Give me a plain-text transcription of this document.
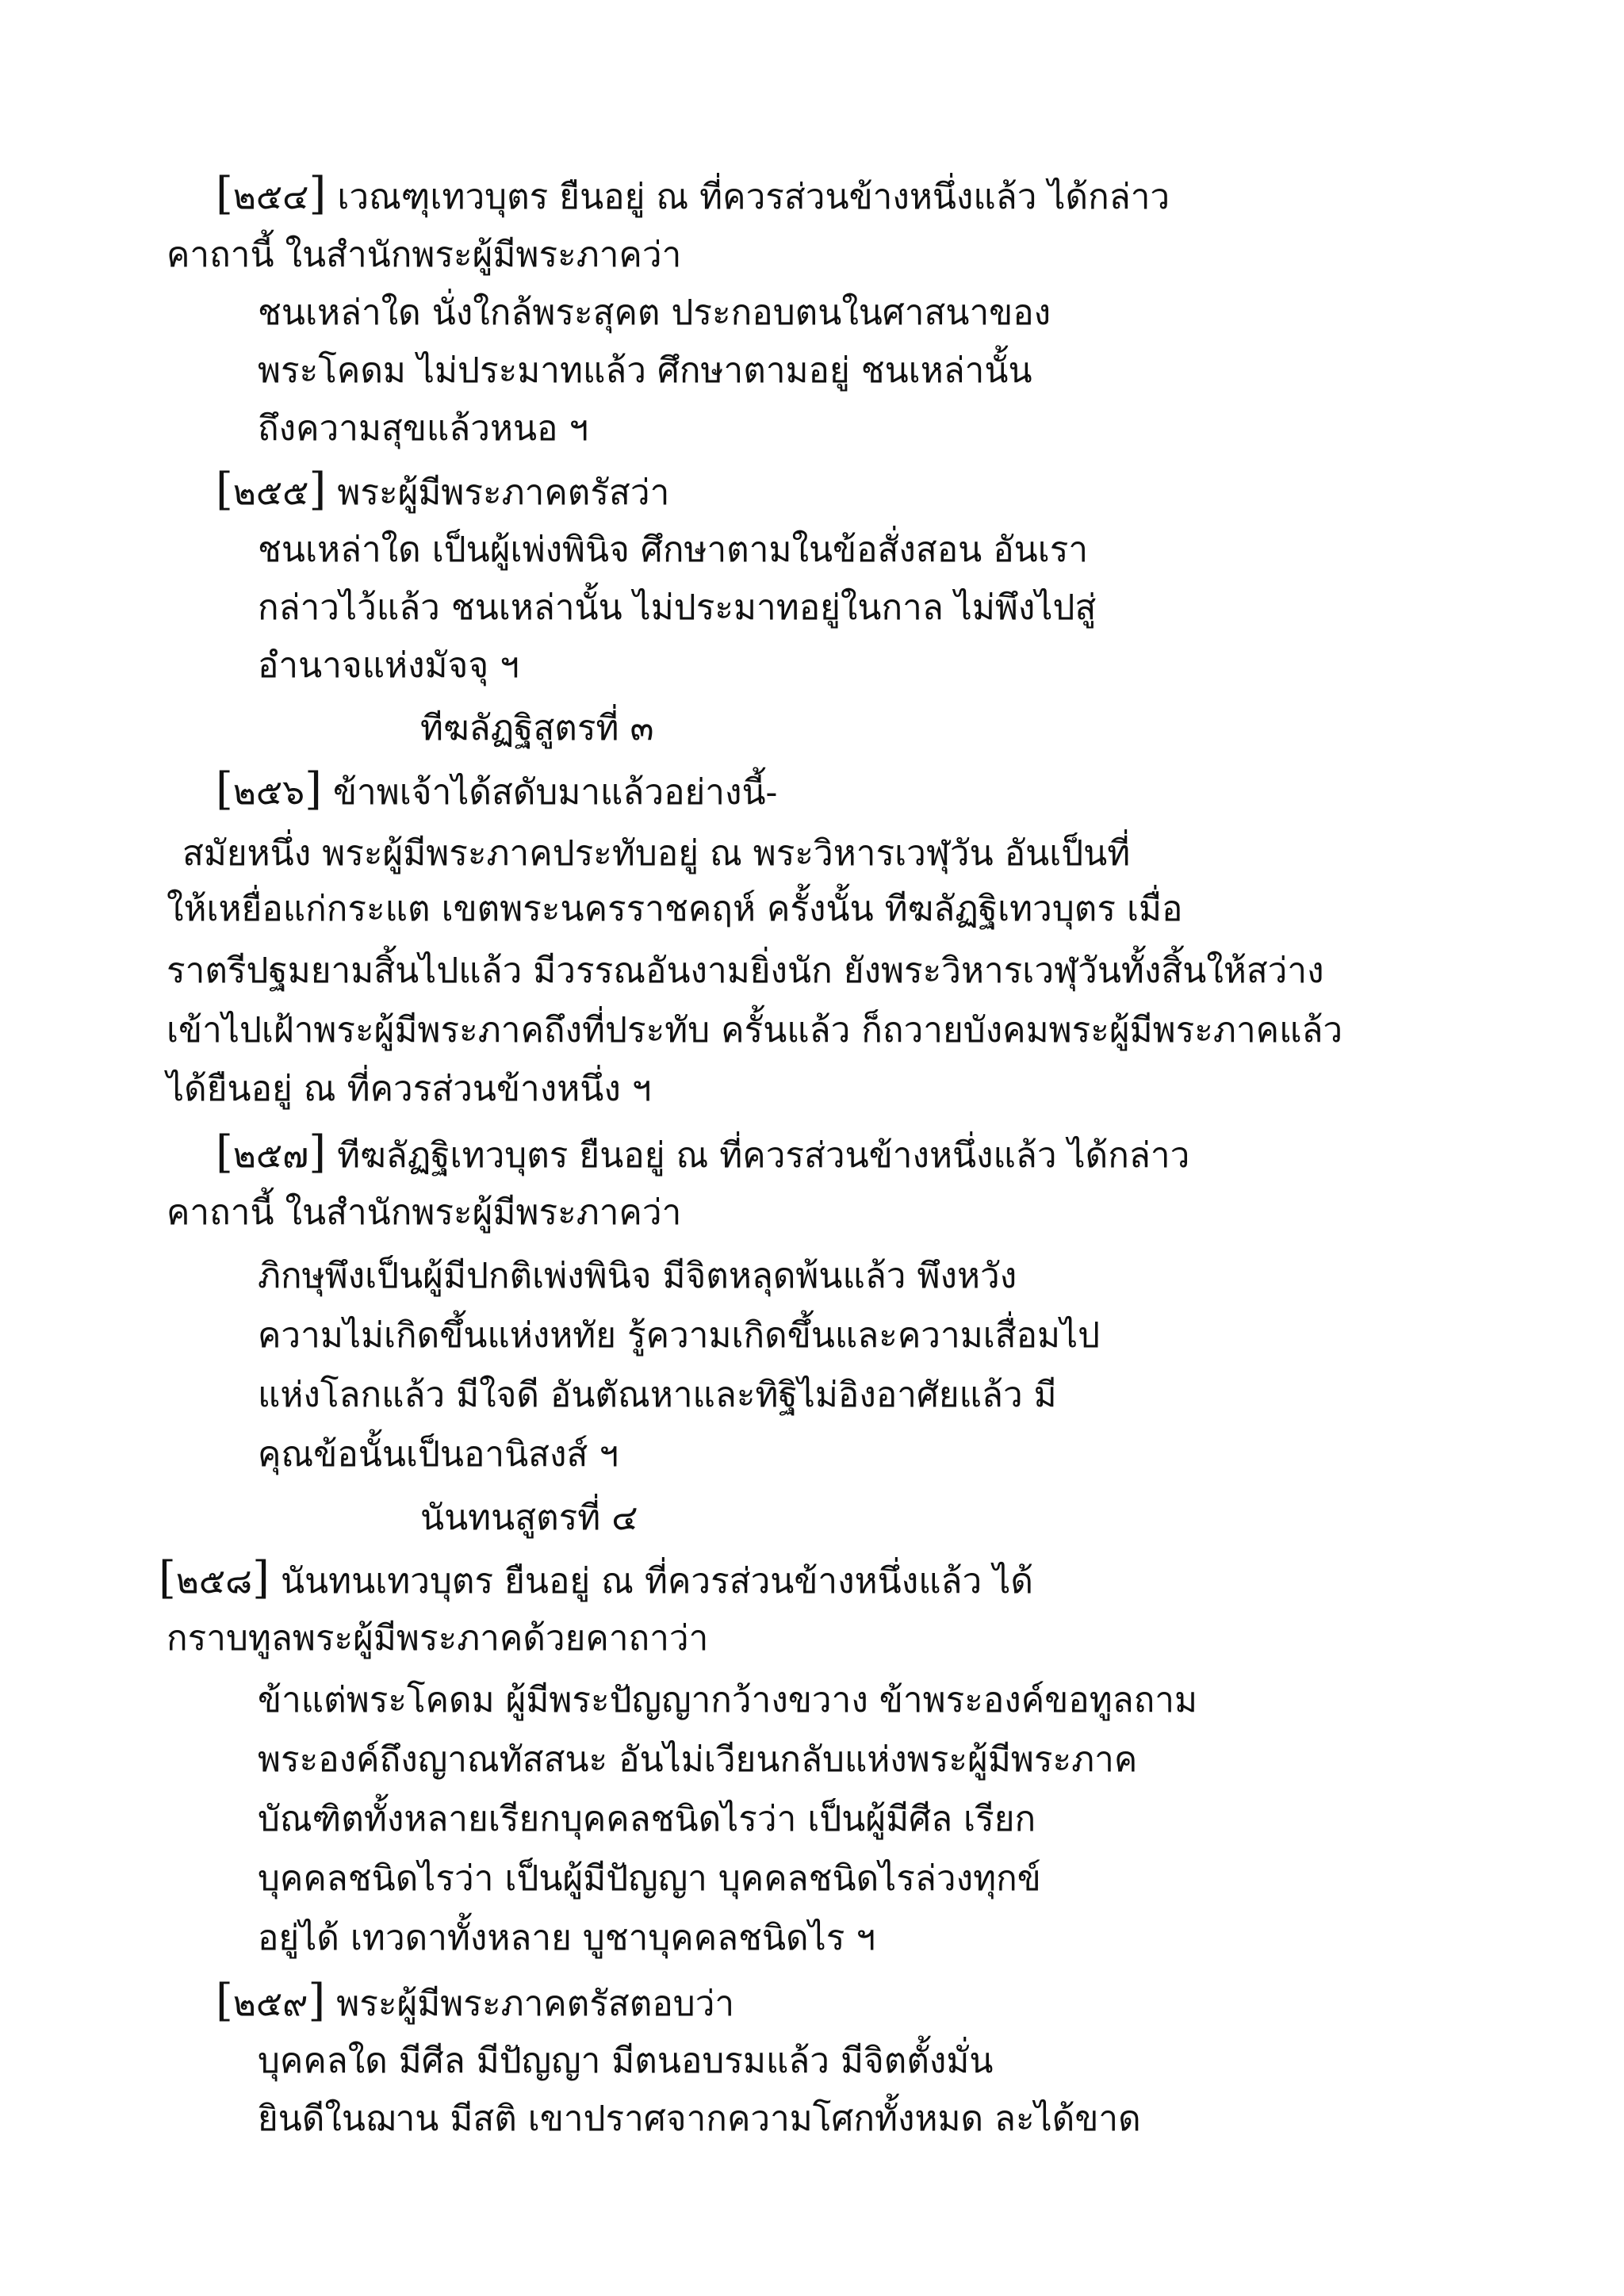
[๒๕๔] เวณฑุเทวบุตร ยืนอยู่ ณ ที่ควรส่วนข้างหนึ่งแล้ว ได้กล่าว

คาถานี้ ในสำนักพระผู้มีพระภาคว่า

ชนเหล่าใด นั่งใกล้พระสุคต ประกอบตนในศาสนาของ

พระโคดม ไม่ประมาทแล้ว ศึกษาตามอยู่ ชนเหล่านั้น

ถึงความสุขแล้วหนอ ฯ

[๒๕๕] พระผู้มีพระภาคตรัสว่า

ชนเหล่าใด เป็นผู้เพ่งพินิจ ศึกษาตามในข้อสั่งสอน อันเรา

กล่าวไว้แล้ว ชนเหล่านั้น ไม่ประมาทอยู่ในกาล ไม่พึงไปสู่

อำนาจแห่งมัจจุ ฯ

ทีฆลัฏฐิสูตรที่ ๓

[๒๕๖] ข้าพเจ้าได้สดับมาแล้วอย่างนี้-

สมัยหนึ่ง พระผู้มีพระภาคประทับอยู่ ณ พระวิหารเวฬุวัน อันเป็นที่

ให้เหยื่อแก่กระแต เขตพระนครราชคฤห์ ครั้งนั้น ทีฆลัฏฐิเทวบุตร เมื่อ

ราตรีปฐมยามสิ้นไปแล้ว มีวรรณอันงามยิ่งนัก ยังพระวิหารเวฬุวันทั้งสิ้นให้สว่าง

เข้าไปเฝ้าพระผู้มีพระภาคถึงที่ประทับ ครั้นแล้ว ก็ถวายบังคมพระผู้มีพระภาคแล้ว

ได้ยืนอยู่ ณ ที่ควรส่วนข้างหนึ่ง ฯ

[๒๕๗] ทีฆลัฏฐิเทวบุตร ยืนอยู่ ณ ที่ควรส่วนข้างหนึ่งแล้ว ได้กล่าว

คาถานี้ ในสำนักพระผู้มีพระภาคว่า

ภิกษุพึงเป็นผู้มีปกติเพ่งพินิจ มีจิตหลุดพ้นแล้ว พึงหวัง

ความไม่เกิดขึ้นแห่งหทัย รู้ความเกิดขึ้นและความเสื่อมไป

แห่งโลกแล้ว มีใจดี อันตัณหาและทิฐิไม่อิงอาศัยแล้ว มี

คุณข้อนั้นเป็นอานิสงส์ ฯ

นันทนสูตรที่ ๔

[๒๕๘] นันทนเทวบุตร ยืนอยู่ ณ ที่ควรส่วนข้างหนึ่งแล้ว ได้

กราบทูลพระผู้มีพระภาคด้วยคาถาว่า

ข้าแต่พระโคดม ผู้มีพระปัญญากว้างขวาง ข้าพระองค์ขอทูลถาม

พระองค์ถึงญาณทัสสนะ อันไม่เวียนกลับแห่งพระผู้มีพระภาค

บัณฑิตทั้งหลายเรียกบุคคลชนิดไรว่า เป็นผู้มีศีล เรียก

บุคคลชนิดไรว่า เป็นผู้มีปัญญา บุคคลชนิดไรล่วงทุกข์

อยู่ได้ เทวดาทั้งหลาย บูชาบุคคลชนิดไร ฯ

[๒๕๙] พระผู้มีพระภาคตรัสตอบว่า

บุคคลใด มีศีล มีปัญญา มีตนอบรมแล้ว มีจิตตั้งมั่น

ยินดีในฌาน มีสติ เขาปราศจากความโศกทั้งหมด ละได้ขาด
